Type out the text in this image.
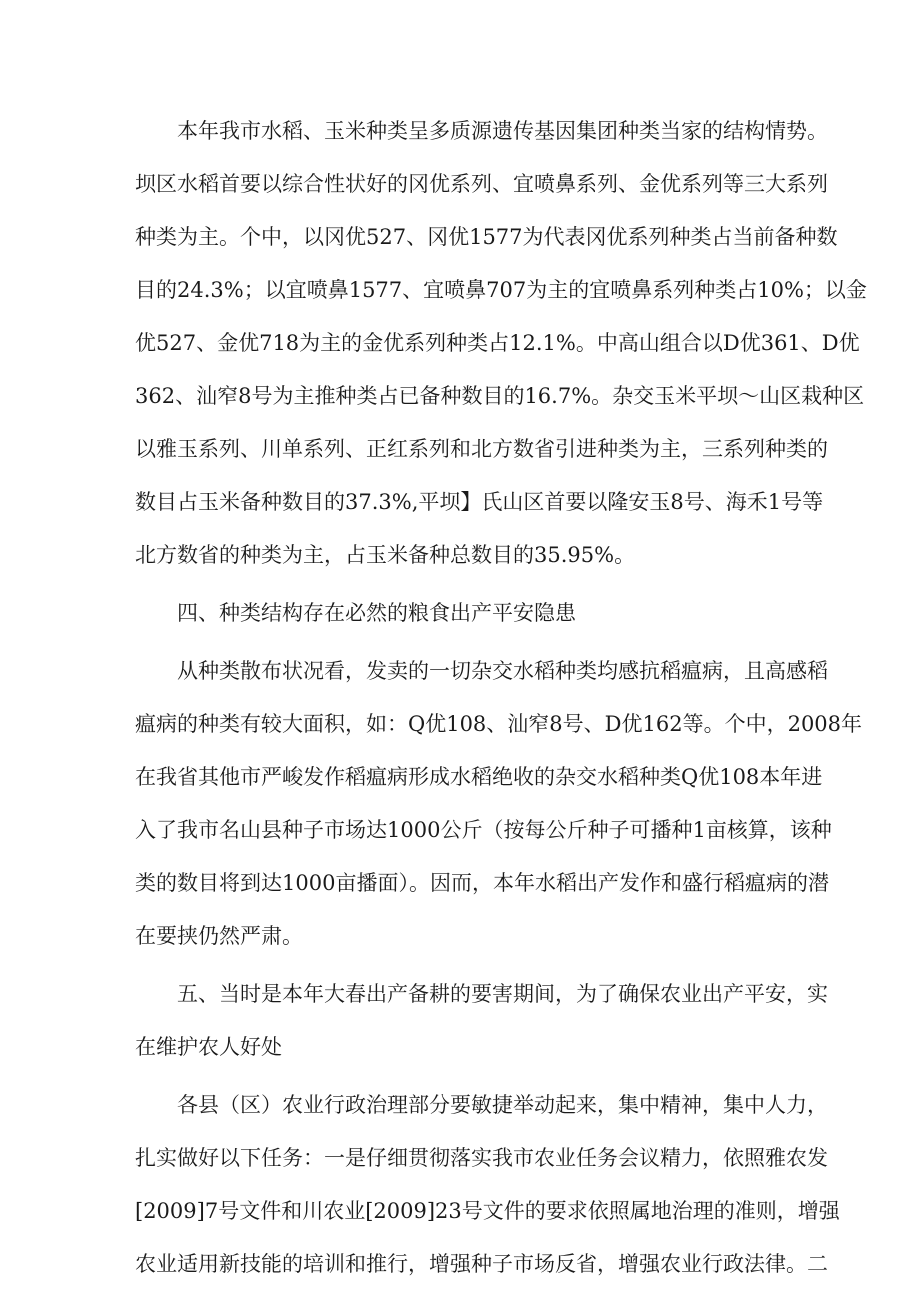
本年我市水稻、玉米种类呈多质源遗传基因集团种类当家的结构情势。
坝区水稻首要以综合性状好的冈优系列、宜喷鼻系列、金优系列等三大系列
种类为主。个中，以冈优527、冈优1577为代表冈优系列种类占当前备种数
目的24.3%；以宜喷鼻1577、宜喷鼻707为主的宜喷鼻系列种类占10%；以金
优527、金优718为主的金优系列种类占12.1%。中高山组合以D优361、D优
362、汕窄8号为主推种类占已备种数目的16.7%。杂交玉米平坝～山区栽种区
以雅玉系列、川单系列、正红系列和北方数省引进种类为主，三系列种类的
数目占玉米备种数目的37.3%,平坝】氏山区首要以隆安玉8号、海禾1号等
北方数省的种类为主，占玉米备种总数目的35.95%。
四、种类结构存在必然的粮食出产平安隐患
从种类散布状况看，发卖的一切杂交水稻种类均感抗稻瘟病，且高感稻
瘟病的种类有较大面积，如：Q优108、汕窄8号、D优162等。个中，2008年
在我省其他市严峻发作稻瘟病形成水稻绝收的杂交水稻种类Q优108本年进
入了我市名山县种子市场达1000公斤（按每公斤种子可播种1亩核算，该种
类的数目将到达1000亩播面）。因而，本年水稻出产发作和盛行稻瘟病的潜
在要挟仍然严肃。
五、当时是本年大春出产备耕的要害期间，为了确保农业出产平安，实
在维护农人好处
各县（区）农业行政治理部分要敏捷举动起来，集中精神，集中人力，
扎实做好以下任务：一是仔细贯彻落实我市农业任务会议精力，依照雅农发
[2009]7号文件和川农业[2009]23号文件的要求依照属地治理的准则，增强
农业适用新技能的培训和推行，增强种子市场反省，增强农业行政法律。二
